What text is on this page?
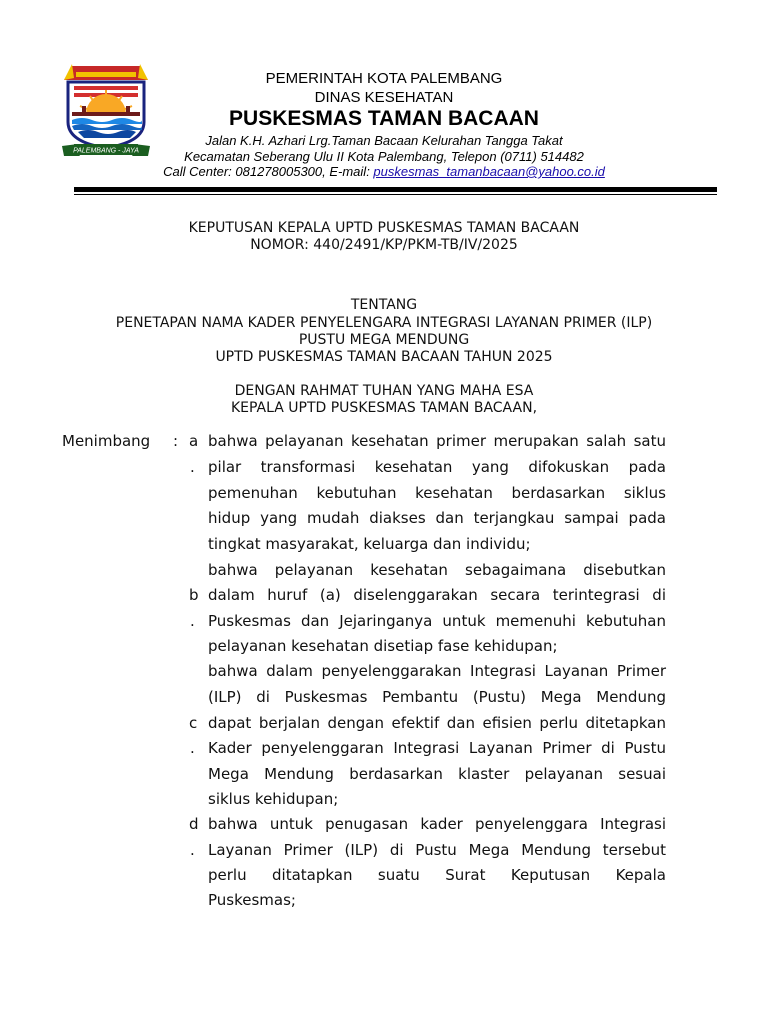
PALEMBANG - JAYA
PEMERINTAH KOTA PALEMBANG
DINAS KESEHATAN
PUSKESMAS TAMAN BACAAN
Jalan K.H. Azhari Lrg.Taman Bacaan Kelurahan Tangga Takat
Kecamatan Seberang Ulu II Kota Palembang, Telepon (0711) 514482
Call Center: 081278005300, E-mail: puskesmas_tamanbacaan@yahoo.co.id
KEPUTUSAN KEPALA UPTD PUSKESMAS TAMAN BACAAN
NOMOR: 440/2491/KP/PKM-TB/IV/2025
TENTANG
PENETAPAN NAMA KADER PENYELENGARA INTEGRASI LAYANAN PRIMER (ILP)
PUSTU MEGA MENDUNG
UPTD PUSKESMAS TAMAN BACAAN TAHUN 2025
DENGAN RAHMAT TUHAN YANG MAHA ESA
KEPALA UPTD PUSKESMAS TAMAN BACAAN,
Menimbang : a
.
bahwa pelayanan kesehatan primer merupakan salah satu
pilar transformasi kesehatan yang difokuskan pada
pemenuhan kebutuhan kesehatan berdasarkan siklus
hidup yang mudah diakses dan terjangkau sampai pada
tingkat masyarakat, keluarga dan individu;
b
.
bahwa pelayanan kesehatan sebagaimana disebutkan
dalam huruf (a) diselenggarakan secara terintegrasi di
Puskesmas dan Jejaringanya untuk memenuhi kebutuhan
pelayanan kesehatan disetiap fase kehidupan;
c
.
bahwa dalam penyelenggarakan Integrasi Layanan Primer
(ILP) di Puskesmas Pembantu (Pustu) Mega Mendung
dapat berjalan dengan efektif dan efisien perlu ditetapkan
Kader penyelenggaran Integrasi Layanan Primer di Pustu
Mega Mendung berdasarkan klaster pelayanan sesuai
siklus kehidupan;
d
.
bahwa untuk penugasan kader penyelenggara Integrasi
Layanan Primer (ILP) di Pustu Mega Mendung tersebut
perlu ditatapkan suatu Surat Keputusan Kepala
Puskesmas;
